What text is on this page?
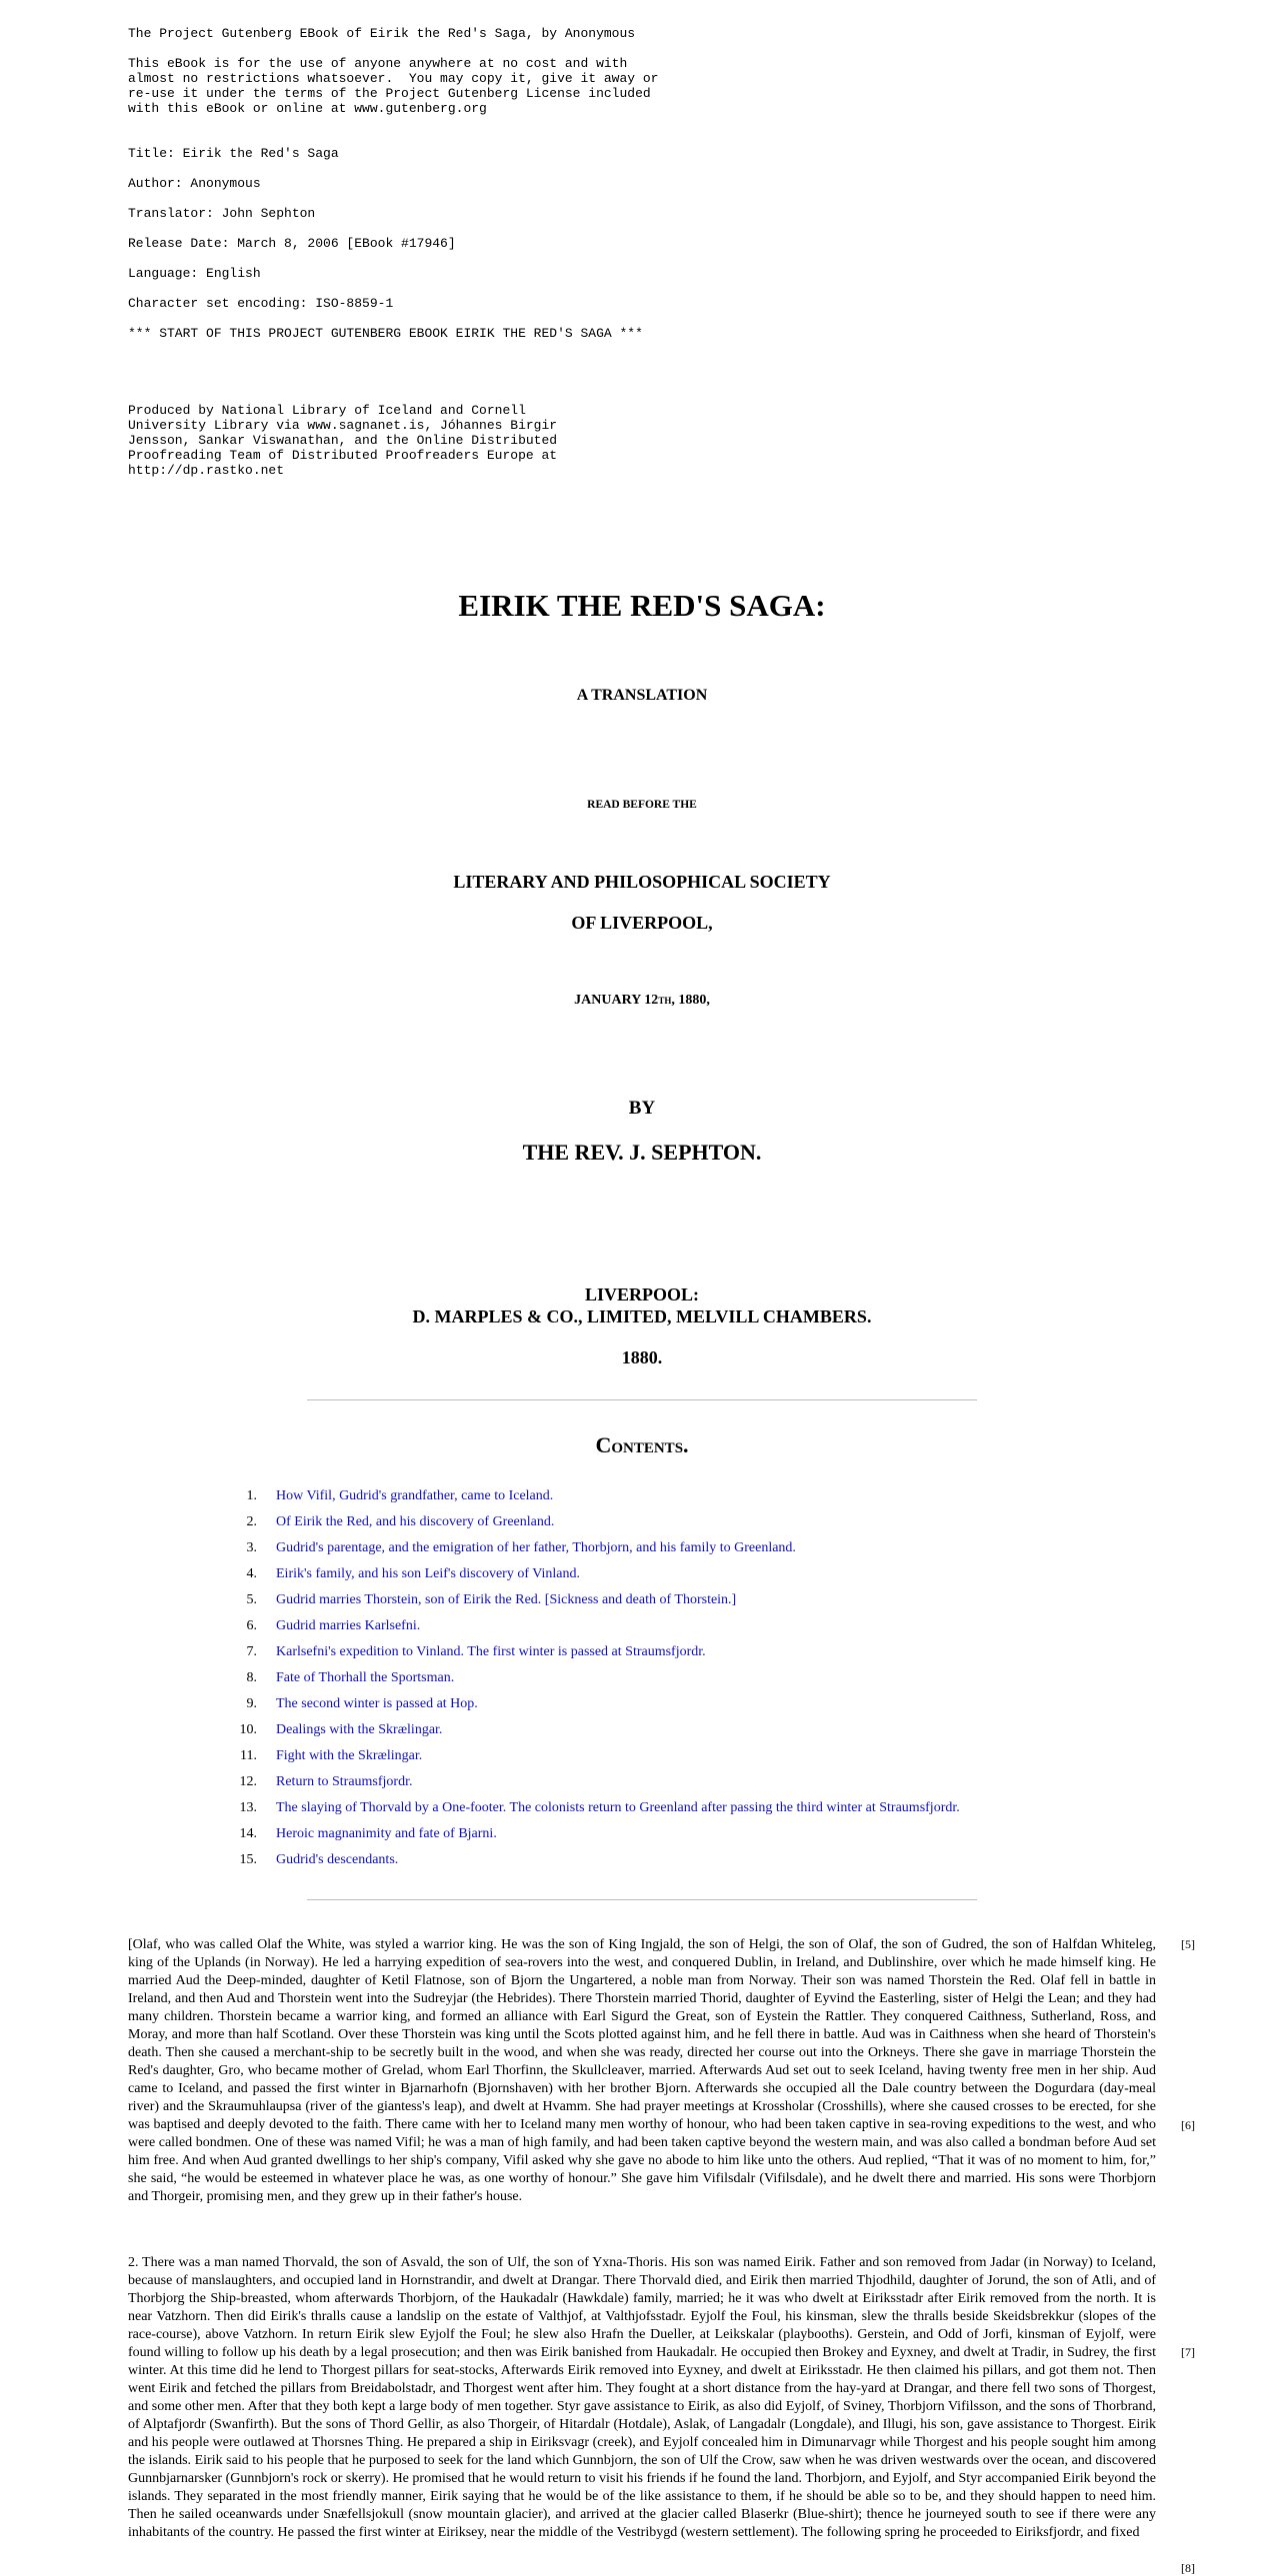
The Project Gutenberg EBook of Eirik the Red's Saga, by Anonymous

This eBook is for the use of anyone anywhere at no cost and with
almost no restrictions whatsoever.  You may copy it, give it away or
re-use it under the terms of the Project Gutenberg License included
with this eBook or online at www.gutenberg.org

Title: Eirik the Red's Saga

Author: Anonymous

Translator: John Sephton

Release Date: March 8, 2006 [EBook #17946]

Language: English

Character set encoding: ISO-8859-1

*** START OF THIS PROJECT GUTENBERG EBOOK EIRIK THE RED'S SAGA ***
Produced by National Library of Iceland and Cornell
University Library via www.sagnanet.is, Jóhannes Birgir
Jensson, Sankar Viswanathan, and the Online Distributed
Proofreading Team of Distributed Proofreaders Europe at
http://dp.rastko.net
EIRIK THE RED'S SAGA:
A TRANSLATION
READ BEFORE THE
LITERARY AND PHILOSOPHICAL SOCIETY
OF LIVERPOOL,
JANUARY 12TH, 1880,
BY
THE REV. J. SEPHTON.
LIVERPOOL:
D. MARPLES & CO., LIMITED, MELVILL CHAMBERS.
1880.
Contents.
1. How Vifil, Gudrid's grandfather, came to Iceland.
2. Of Eirik the Red, and his discovery of Greenland.
3. Gudrid's parentage, and the emigration of her father, Thorbjorn, and his family to Greenland.
4. Eirik's family, and his son Leif's discovery of Vinland.
5. Gudrid marries Thorstein, son of Eirik the Red. [Sickness and death of Thorstein.]
6. Gudrid marries Karlsefni.
7. Karlsefni's expedition to Vinland. The first winter is passed at Straumsfjordr.
8. Fate of Thorhall the Sportsman.
9. The second winter is passed at Hop.
10. Dealings with the Skrælingar.
11. Fight with the Skrælingar.
12. Return to Straumsfjordr.
13. The slaying of Thorvald by a One-footer. The colonists return to Greenland after passing the third winter at Straumsfjordr.
14. Heroic magnanimity and fate of Bjarni.
15. Gudrid's descendants.

[Olaf, who was called Olaf the White, was styled a warrior king. He was the son of King Ingjald, the son of Helgi, the son of Olaf, the son of Gudred, the son of Halfdan Whiteleg, king of the Uplands (in Norway). He led a harrying expedition of sea-rovers into the west, and conquered Dublin, in Ireland, and Dublinshire, over which he made himself king. He married Aud the Deep-minded, daughter of Ketil Flatnose, son of Bjorn the Ungartered, a noble man from Norway. Their son was named Thorstein the Red. Olaf fell in battle in Ireland, and then Aud and Thorstein went into the Sudreyjar (the Hebrides). There Thorstein married Thorid, daughter of Eyvind the Easterling, sister of Helgi the Lean; and they had many children. Thorstein became a warrior king, and formed an alliance with Earl Sigurd the Great, son of Eystein the Rattler. They conquered Caithness, Sutherland, Ross, and Moray, and more than half Scotland. Over these Thorstein was king until the Scots plotted against him, and he fell there in battle. Aud was in Caithness when she heard of Thorstein's death. Then she caused a merchant-ship to be secretly built in the wood, and when she was ready, directed her course out into the Orkneys. There she gave in marriage Thorstein the Red's daughter, Gro, who became mother of Grelad, whom Earl Thorfinn, the Skullcleaver, married. Afterwards Aud set out to seek Iceland, having twenty free men in her ship. Aud came to Iceland, and passed the first winter in Bjarnarhofn (Bjornshaven) with her brother Bjorn. Afterwards she occupied all the Dale country between the Dogurdara (day-meal river) and the Skraumuhlaupsa (river of the giantess's leap), and dwelt at Hvamm. She had prayer meetings at Krossholar (Crosshills), where she caused crosses to be erected, for she was baptised and deeply devoted to the faith. There came with her to Iceland many men worthy of honour, who had been taken captive in sea-roving expeditions to the west, and who were called bondmen. One of these was named Vifil; he was a man of high family, and had been taken captive beyond the western main, and was also called a bondman before Aud set him free. And when Aud granted dwellings to her ship's company, Vifil asked why she gave no abode to him like unto the others. Aud replied, “That it was of no moment to him, for,” she said, “he would be esteemed in whatever place he was, as one worthy of honour.” She gave him Vifilsdalr (Vifilsdale), and he dwelt there and married. His sons were Thorbjorn and Thorgeir, promising men, and they grew up in their father's house.

2. There was a man named Thorvald, the son of Asvald, the son of Ulf, the son of Yxna-Thoris. His son was named Eirik. Father and son removed from Jadar (in Norway) to Iceland, because of manslaughters, and occupied land in Hornstrandir, and dwelt at Drangar. There Thorvald died, and Eirik then married Thjodhild, daughter of Jorund, the son of Atli, and of Thorbjorg the Ship-breasted, whom afterwards Thorbjorn, of the Haukadalr (Hawkdale) family, married; he it was who dwelt at Eiriksstadr after Eirik removed from the north. It is near Vatzhorn. Then did Eirik's thralls cause a landslip on the estate of Valthjof, at Valthjofsstadr. Eyjolf the Foul, his kinsman, slew the thralls beside Skeidsbrekkur (slopes of the race-course), above Vatzhorn. In return Eirik slew Eyjolf the Foul; he slew also Hrafn the Dueller, at Leikskalar (playbooths). Gerstein, and Odd of Jorfi, kinsman of Eyjolf, were found willing to follow up his death by a legal prosecution; and then was Eirik banished from Haukadalr. He occupied then Brokey and Eyxney, and dwelt at Tradir, in Sudrey, the first winter. At this time did he lend to Thorgest pillars for seat-stocks, Afterwards Eirik removed into Eyxney, and dwelt at Eiriksstadr. He then claimed his pillars, and got them not. Then went Eirik and fetched the pillars from Breidabolstadr, and Thorgest went after him. They fought at a short distance from the hay-yard at Drangar, and there fell two sons of Thorgest, and some other men. After that they both kept a large body of men together. Styr gave assistance to Eirik, as also did Eyjolf, of Sviney, Thorbjorn Vifilsson, and the sons of Thorbrand, of Alptafjordr (Swanfirth). But the sons of Thord Gellir, as also Thorgeir, of Hitardalr (Hotdale), Aslak, of Langadalr (Longdale), and Illugi, his son, gave assistance to Thorgest. Eirik and his people were outlawed at Thorsnes Thing. He prepared a ship in Eiriksvagr (creek), and Eyjolf concealed him in Dimunarvagr while Thorgest and his people sought him among the islands. Eirik said to his people that he purposed to seek for the land which Gunnbjorn, the son of Ulf the Crow, saw when he was driven westwards over the ocean, and discovered Gunnbjarnarsker (Gunnbjorn's rock or skerry). He promised that he would return to visit his friends if he found the land. Thorbjorn, and Eyjolf, and Styr accompanied Eirik beyond the islands. They separated in the most friendly manner, Eirik saying that he would be of the like assistance to them, if he should be able so to be, and they should happen to need him. Then he sailed oceanwards under Snæfellsjokull (snow mountain glacier), and arrived at the glacier called Blaserkr (Blue-shirt); thence he journeyed south to see if there were any inhabitants of the country. He passed the first winter at Eiriksey, near the middle of the Vestribygd (western settlement). The following spring he proceeded to Eiriksfjordr, and fixed

[5]
[6]
[7]
[8]
